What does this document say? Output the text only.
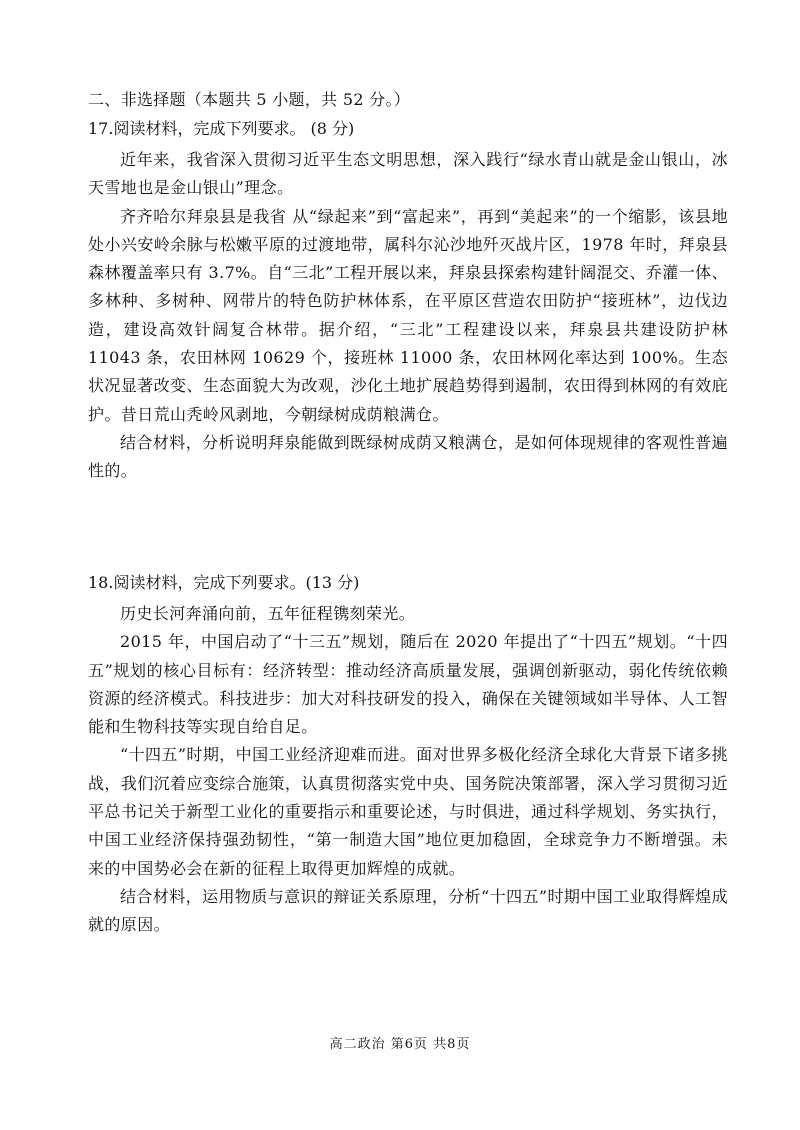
二、非选择题（本题共 5 小题，共 52 分。）
17.阅读材料，完成下列要求。 (8 分)

近年来，我省深入贯彻习近平生态文明思想，深入践行“绿水青山就是金山银山，冰天雪地也是金山银山”理念。

齐齐哈尔拜泉县是我省 从“绿起来”到“富起来”，再到“美起来”的一个缩影，该县地处小兴安岭余脉与松嫩平原的过渡地带，属科尔沁沙地歼灭战片区，1978 年时，拜泉县森林覆盖率只有 3.7%。自“三北”工程开展以来，拜泉县探索构建针阔混交、乔灌一体、多林种、多树种、网带片的特色防护林体系，在平原区营造农田防护“接班林”，边伐边造，建设高效针阔复合林带。据介绍，“三北”工程建设以来，拜泉县共建设防护林 11043 条，农田林网 10629 个，接班林 11000 条，农田林网化率达到 100%。生态状况显著改变、生态面貌大为改观，沙化土地扩展趋势得到遏制，农田得到林网的有效庇护。昔日荒山秃岭风剥地，今朝绿树成荫粮满仓。

结合材料，分析说明拜泉能做到既绿树成荫又粮满仓，是如何体现规律的客观性普遍性的。

18.阅读材料，完成下列要求。(13 分)

历史长河奔涌向前，五年征程镌刻荣光。

2015 年，中国启动了“十三五”规划，随后在 2020 年提出了“十四五”规划。“十四五”规划的核心目标有：经济转型：推动经济高质量发展，强调创新驱动，弱化传统依赖资源的经济模式。科技进步：加大对科技研发的投入，确保在关键领域如半导体、人工智能和生物科技等实现自给自足。

“十四五”时期，中国工业经济迎难而进。面对世界多极化经济全球化大背景下诸多挑战，我们沉着应变综合施策，认真贯彻落实党中央、国务院决策部署，深入学习贯彻习近平总书记关于新型工业化的重要指示和重要论述，与时俱进，通过科学规划、务实执行，中国工业经济保持强劲韧性，“第一制造大国”地位更加稳固，全球竞争力不断增强。未来的中国势必会在新的征程上取得更加辉煌的成就。

结合材料，运用物质与意识的辩证关系原理，分析“十四五”时期中国工业取得辉煌成就的原因。

高二政治 第6页 共8页
